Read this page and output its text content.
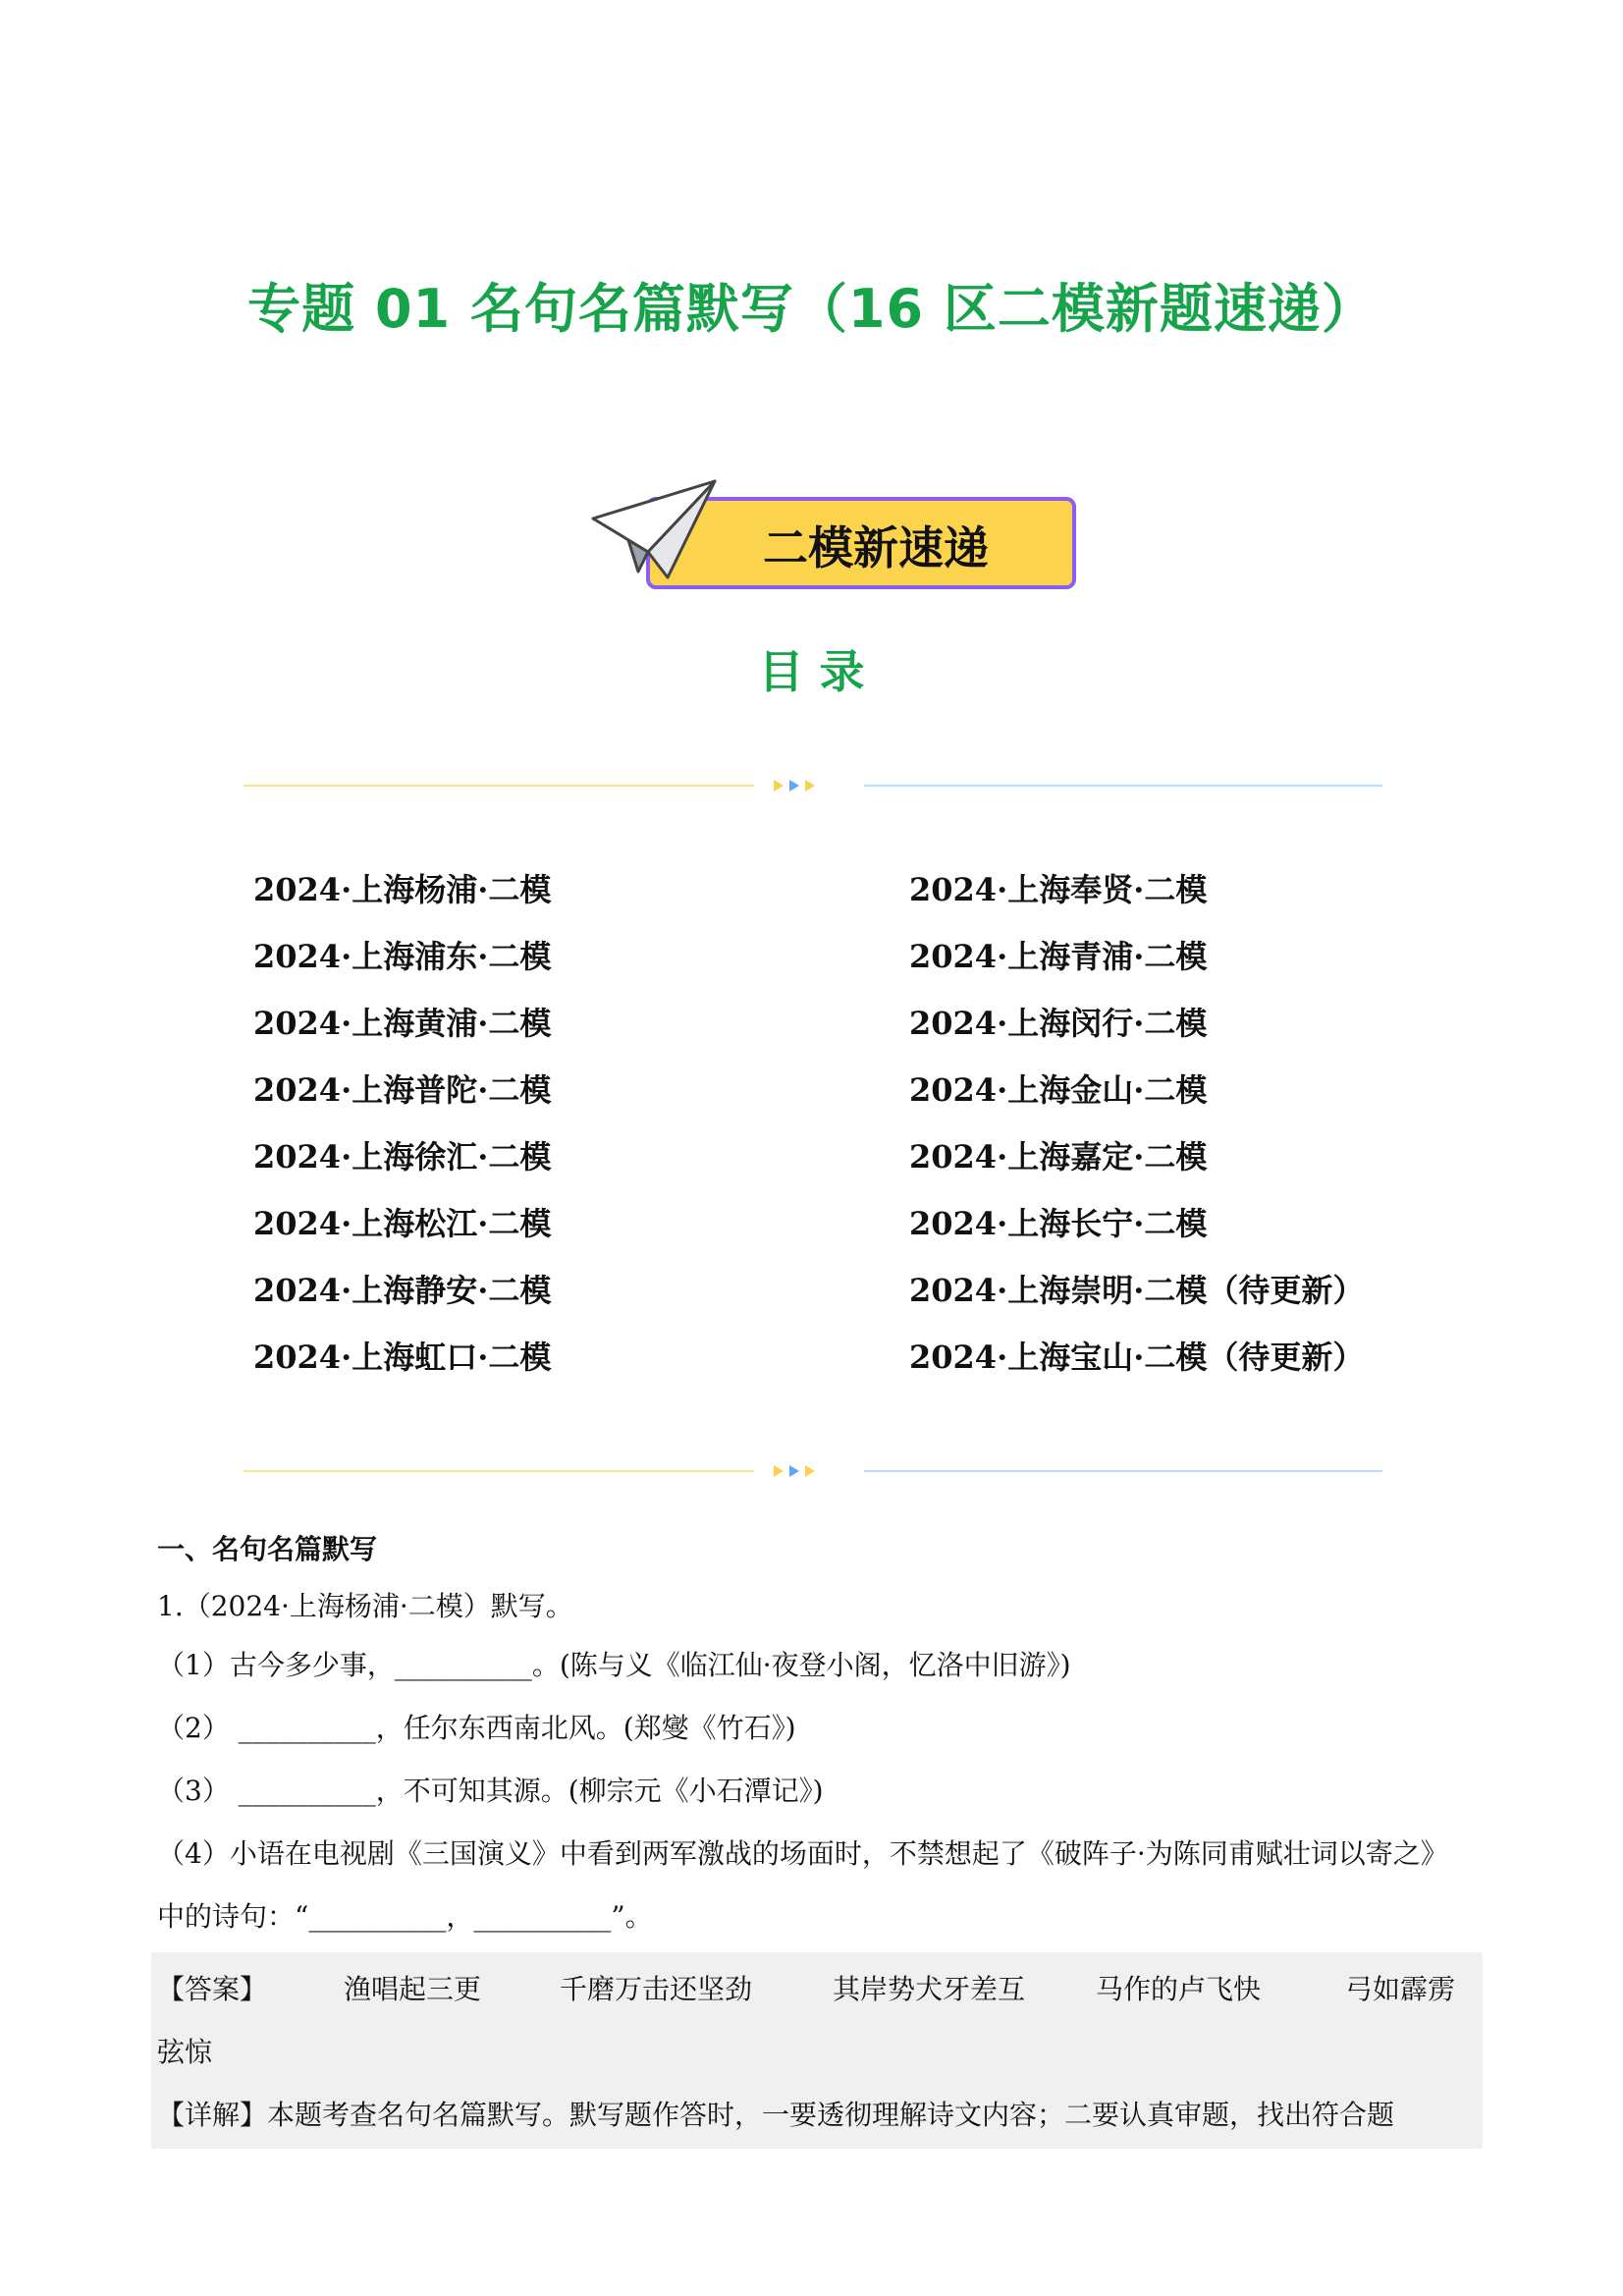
专题 01 名句名篇默写（16 区二模新题速递）
二模新速递
目 录
2024·上海杨浦·二模
2024·上海浦东·二模
2024·上海黄浦·二模
2024·上海普陀·二模
2024·上海徐汇·二模
2024·上海松江·二模
2024·上海静安·二模
2024·上海虹口·二模
2024·上海奉贤·二模
2024·上海青浦·二模
2024·上海闵行·二模
2024·上海金山·二模
2024·上海嘉定·二模
2024·上海长宁·二模
2024·上海崇明·二模（待更新）
2024·上海宝山·二模（待更新）
一、名句名篇默写
1.（2024·上海杨浦·二模）默写。
（1）古今多少事，__________。(陈与义《临江仙·夜登小阁，忆洛中旧游》)
（2） __________，任尔东西南北风。(郑燮《竹石》)
（3） __________，不可知其源。(柳宗元《小石潭记》)
（4）小语在电视剧《三国演义》中看到两军激战的场面时，不禁想起了《破阵子·为陈同甫赋壮词以寄之》
中的诗句：“__________，__________”。
【答案】	渔唱起三更	千磨万击还坚劲	其岸势犬牙差互	马作的卢飞快	弓如霹雳
弦惊
【详解】本题考查名句名篇默写。默写题作答时，一要透彻理解诗文内容；二要认真审题，找出符合题
